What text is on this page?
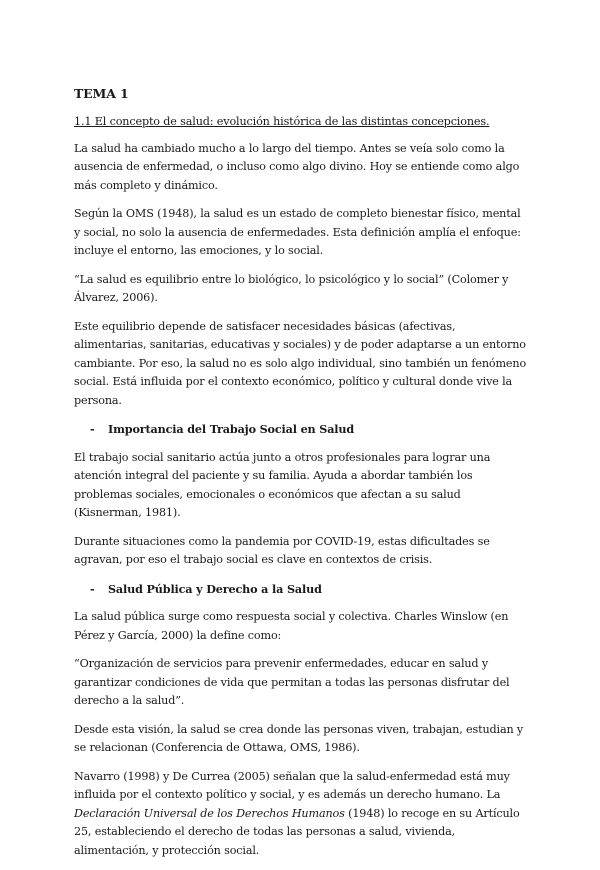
TEMA 1
1.1 El concepto de salud: evolución histórica de las distintas concepciones.

La salud ha cambiado mucho a lo largo del tiempo. Antes se veía solo como la ausencia de enfermedad, o incluso como algo divino. Hoy se entiende como algo más completo y dinámico.

Según la OMS (1948), la salud es un estado de completo bienestar físico, mental y social, no solo la ausencia de enfermedades. Esta definición amplía el enfoque: incluye el entorno, las emociones, y lo social.

“La salud es equilibrio entre lo biológico, lo psicológico y lo social” (Colomer y Álvarez, 2006).

Este equilibrio depende de satisfacer necesidades básicas (afectivas, alimentarias, sanitarias, educativas y sociales) y de poder adaptarse a un entorno cambiante. Por eso, la salud no es solo algo individual, sino también un fenómeno social. Está influida por el contexto económico, político y cultural donde vive la persona.

- Importancia del Trabajo Social en Salud

El trabajo social sanitario actúa junto a otros profesionales para lograr una atención integral del paciente y su familia. Ayuda a abordar también los problemas sociales, emocionales o económicos que afectan a su salud (Kisnerman, 1981).

Durante situaciones como la pandemia por COVID-19, estas dificultades se agravan, por eso el trabajo social es clave en contextos de crisis.

- Salud Pública y Derecho a la Salud

La salud pública surge como respuesta social y colectiva. Charles Winslow (en Pérez y García, 2000) la define como:

“Organización de servicios para prevenir enfermedades, educar en salud y garantizar condiciones de vida que permitan a todas las personas disfrutar del derecho a la salud”.

Desde esta visión, la salud se crea donde las personas viven, trabajan, estudian y se relacionan (Conferencia de Ottawa, OMS, 1986).

Navarro (1998) y De Currea (2005) señalan que la salud-enfermedad está muy influida por el contexto político y social, y es además un derecho humano. La Declaración Universal de los Derechos Humanos (1948) lo recoge en su Artículo 25, estableciendo el derecho de todas las personas a salud, vivienda, alimentación, y protección social.
